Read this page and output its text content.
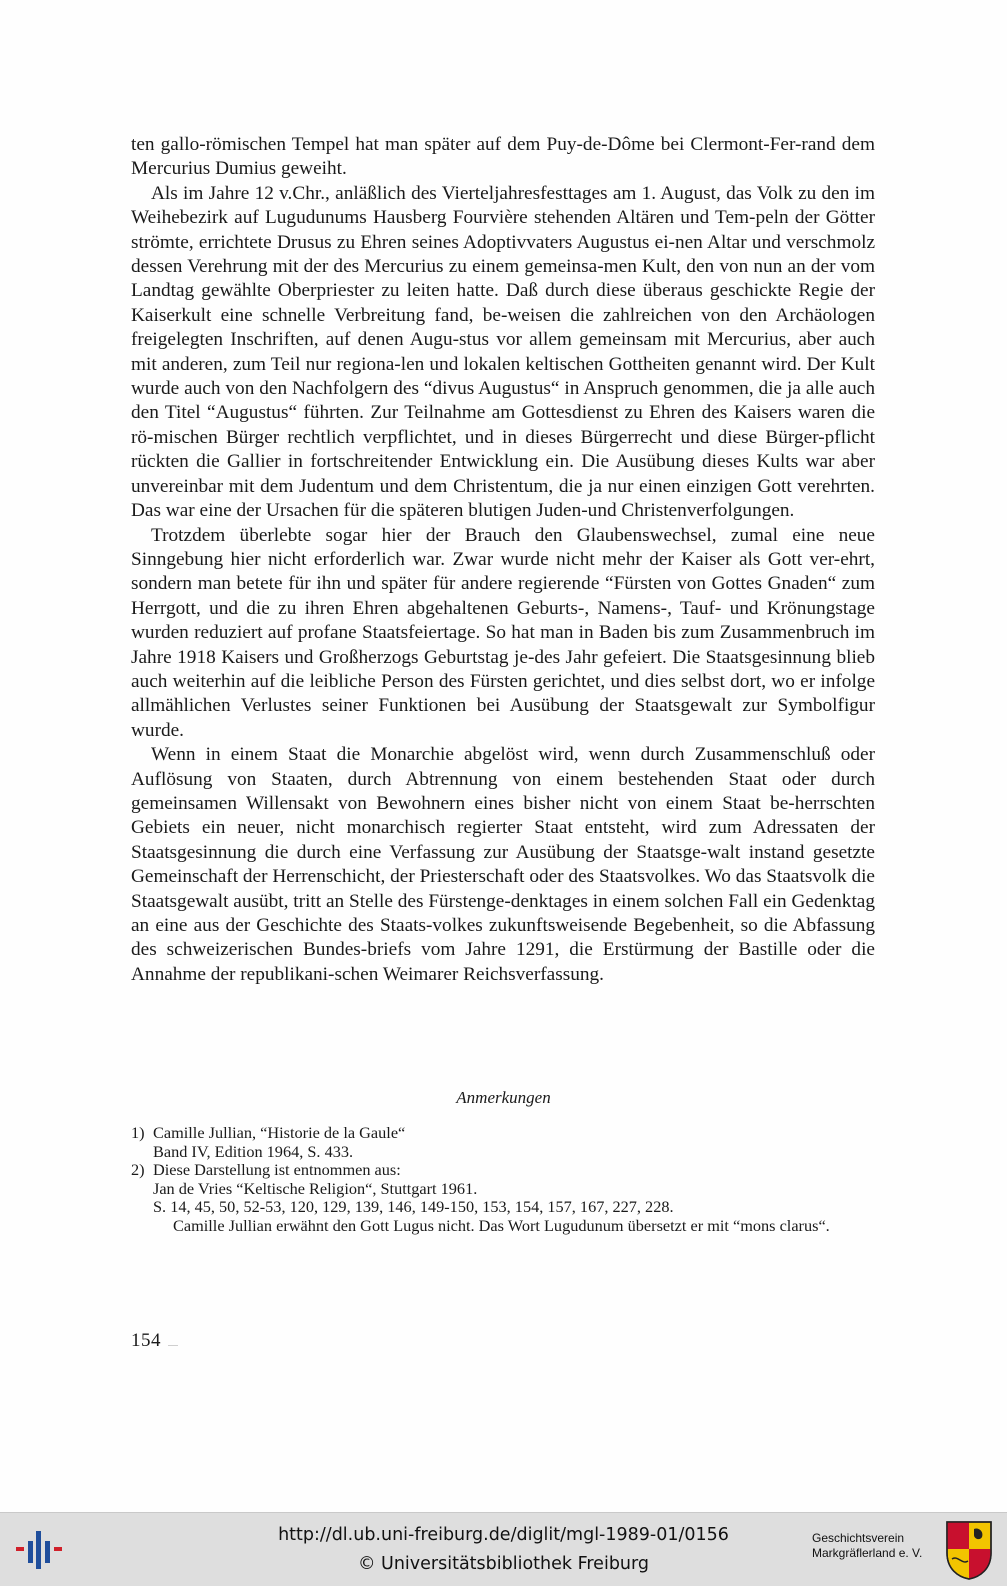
ten gallo-römischen Tempel hat man später auf dem Puy-de-Dôme bei Clermont-Fer-rand dem Mercurius Dumius geweiht.

Als im Jahre 12 v.Chr., anläßlich des Vierteljahresfesttages am 1. August, das Volk zu den im Weihebezirk auf Lugudunums Hausberg Fourvière stehenden Altären und Tem-peln der Götter strömte, errichtete Drusus zu Ehren seines Adoptivvaters Augustus ei-nen Altar und verschmolz dessen Verehrung mit der des Mercurius zu einem gemeinsa-men Kult, den von nun an der vom Landtag gewählte Oberpriester zu leiten hatte. Daß durch diese überaus geschickte Regie der Kaiserkult eine schnelle Verbreitung fand, be-weisen die zahlreichen von den Archäologen freigelegten Inschriften, auf denen Augu-stus vor allem gemeinsam mit Mercurius, aber auch mit anderen, zum Teil nur regiona-len und lokalen keltischen Gottheiten genannt wird. Der Kult wurde auch von den Nachfolgern des “divus Augustus“ in Anspruch genommen, die ja alle auch den Titel “Augustus“ führten. Zur Teilnahme am Gottesdienst zu Ehren des Kaisers waren die rö-mischen Bürger rechtlich verpflichtet, und in dieses Bürgerrecht und diese Bürger-pflicht rückten die Gallier in fortschreitender Entwicklung ein. Die Ausübung dieses Kults war aber unvereinbar mit dem Judentum und dem Christentum, die ja nur einen einzigen Gott verehrten. Das war eine der Ursachen für die späteren blutigen Juden-und Christenverfolgungen.

Trotzdem überlebte sogar hier der Brauch den Glaubenswechsel, zumal eine neue Sinngebung hier nicht erforderlich war. Zwar wurde nicht mehr der Kaiser als Gott ver-ehrt, sondern man betete für ihn und später für andere regierende “Fürsten von Gottes Gnaden“ zum Herrgott, und die zu ihren Ehren abgehaltenen Geburts-, Namens-, Tauf- und Krönungstage wurden reduziert auf profane Staatsfeiertage. So hat man in Baden bis zum Zusammenbruch im Jahre 1918 Kaisers und Großherzogs Geburtstag je-des Jahr gefeiert. Die Staatsgesinnung blieb auch weiterhin auf die leibliche Person des Fürsten gerichtet, und dies selbst dort, wo er infolge allmählichen Verlustes seiner Funktionen bei Ausübung der Staatsgewalt zur Symbolfigur wurde.

Wenn in einem Staat die Monarchie abgelöst wird, wenn durch Zusammenschluß oder Auflösung von Staaten, durch Abtrennung von einem bestehenden Staat oder durch gemeinsamen Willensakt von Bewohnern eines bisher nicht von einem Staat be-herrschten Gebiets ein neuer, nicht monarchisch regierter Staat entsteht, wird zum Adressaten der Staatsgesinnung die durch eine Verfassung zur Ausübung der Staatsge-walt instand gesetzte Gemeinschaft der Herrenschicht, der Priesterschaft oder des Staatsvolkes. Wo das Staatsvolk die Staatsgewalt ausübt, tritt an Stelle des Fürstenge-denktages in einem solchen Fall ein Gedenktag an eine aus der Geschichte des Staats-volkes zukunftsweisende Begebenheit, so die Abfassung des schweizerischen Bundes-briefs vom Jahre 1291, die Erstürmung der Bastille oder die Annahme der republikani-schen Weimarer Reichsverfassung.

Anmerkungen
1) Camille Jullian, “Historie de la Gaule“
Band IV, Edition 1964, S. 433.
2) Diese Darstellung ist entnommen aus:
Jan de Vries “Keltische Religion“, Stuttgart 1961.
S. 14, 45, 50, 52-53, 120, 129, 139, 146, 149-150, 153, 154, 157, 167, 227, 228.
Camille Jullian erwähnt den Gott Lugus nicht. Das Wort Lugudunum übersetzt er mit “mons clarus“.
154
http://dl.ub.uni-freiburg.de/diglit/mgl-1989-01/0156
© Universitätsbibliothek Freiburg
Geschichtsverein
Markgräflerland e. V.
